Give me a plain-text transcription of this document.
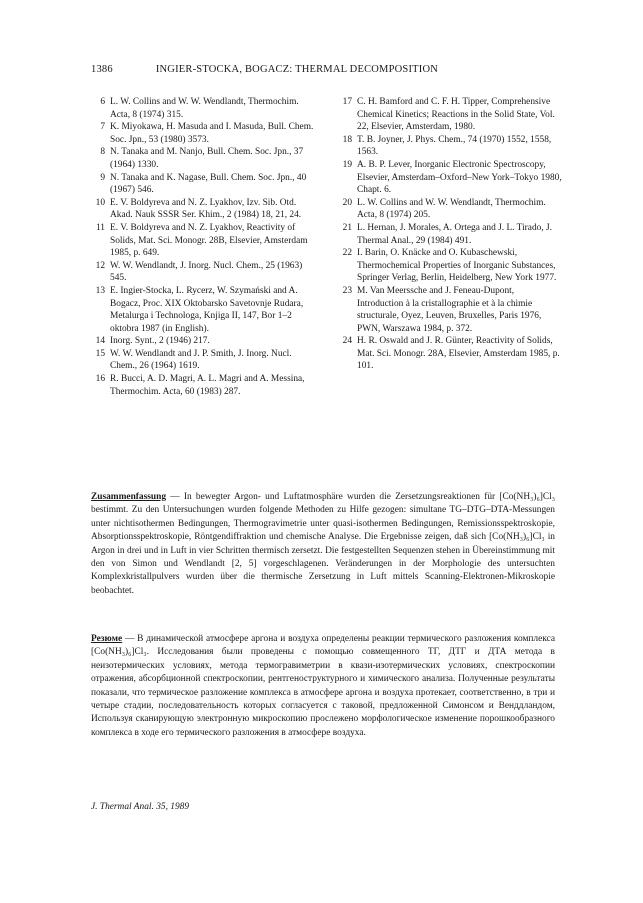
1386	INGIER-STOCKA, BOGACZ: THERMAL DECOMPOSITION
6 L. W. Collins and W. W. Wendlandt, Thermochim. Acta, 8 (1974) 315.
7 K. Miyokawa, H. Masuda and I. Masuda, Bull. Chem. Soc. Jpn., 53 (1980) 3573.
8 N. Tanaka and M. Nanjo, Bull. Chem. Soc. Jpn., 37 (1964) 1330.
9 N. Tanaka and K. Nagase, Bull. Chem. Soc. Jpn., 40 (1967) 546.
10 E. V. Boldyreva and N. Z. Lyakhov, Izv. Sib. Otd. Akad. Nauk SSSR Ser. Khim., 2 (1984) 18, 21, 24.
11 E. V. Boldyreva and N. Z. Lyakhov, Reactivity of Solids, Mat. Sci. Monogr. 28B, Elsevier, Amsterdam 1985, p. 649.
12 W. W. Wendlandt, J. Inorg. Nucl. Chem., 25 (1963) 545.
13 E. Ingier-Stocka, L. Rycerz, W. Szymański and A. Bogacz, Proc. XIX Oktobarsko Savetovnje Rudara, Metalurga i Technologa, Knjiga II, 147, Bor 1–2 oktobra 1987 (in English).
14 Inorg. Synt., 2 (1946) 217.
15 W. W. Wendlandt and J. P. Smith, J. Inorg. Nucl. Chem., 26 (1964) 1619.
16 R. Bucci, A. D. Magri, A. L. Magri and A. Messina, Thermochim. Acta, 60 (1983) 287.
17 C. H. Bamford and C. F. H. Tipper, Comprehensive Chemical Kinetics; Reactions in the Solid State, Vol. 22, Elsevier, Amsterdam, 1980.
18 T. B. Joyner, J. Phys. Chem., 74 (1970) 1552, 1558, 1563.
19 A. B. P. Lever, Inorganic Electronic Spectroscopy, Elsevier, Amsterdam–Oxford–New York–Tokyo 1980, Chapt. 6.
20 L. W. Collins and W. W. Wendlandt, Thermochim. Acta, 8 (1974) 205.
21 L. Hernan, J. Morales, A. Ortega and J. L. Tirado, J. Thermal Anal., 29 (1984) 491.
22 I. Barin, O. Knäcke and O. Kubaschewski, Thermochemical Properties of Inorganic Substances, Springer Verlag, Berlin, Heidelberg, New York 1977.
23 M. Van Meerssche and J. Feneau-Dupont, Introduction à la cristallographie et à la chimie structurale, Oyez, Leuven, Bruxelles, Paris 1976, PWN, Warszawa 1984, p. 372.
24 H. R. Oswald and J. R. Günter, Reactivity of Solids, Mat. Sci. Monogr. 28A, Elsevier, Amsterdam 1985, p. 101.
Zusammenfassung — In bewegter Argon- und Luftatmosphäre wurden die Zersetzungsreaktionen für [Co(NH₃)₆]Cl₃ bestimmt. Zu den Untersuchungen wurden folgende Methoden zu Hilfe gezogen: simultane TG–DTG–DTA-Messungen unter nichtisothermen Bedingungen, Thermogravimetrie unter quasi-isothermen Bedingungen, Remissionsspektroskopie, Absorptionsspektroskopie, Röntgendiffraktion und chemische Analyse. Die Ergebnisse zeigen, daß sich [Co(NH₃)₆]Cl₃ in Argon in drei und in Luft in vier Schritten thermisch zersetzt. Die festgestellten Sequenzen stehen in Übereinstimmung mit den von Simon und Wendlandt [2, 5] vorgeschlagenen. Veränderungen in der Morphologie des untersuchten Komplexkristallpulvers wurden über die thermische Zersetzung in Luft mittels Scanning-Elektronen-Mikroskopie beobachtet.
Резюме — В динамической атмосфере аргона и воздуха определены реакции термического разложения комплекса [Co(NH₃)₆]Cl₃. Исследования были проведены с помощью совмещенного ТГ, ДТГ и ДТА метода в неизотермических условиях, метода термогравиметрии в квази-изотермических условиях, спектроскопии отражения, абсорбционной спектроскопии, рентгеноструктурного и химического анализа. Полученные результаты показали, что термическое разложение комплекса в атмосфере аргона и воздуха протекает, соответственно, в три и четыре стадии, последовательность которых согласуется с таковой, предложенной Симонсом и Венддландом, Используя сканирующую электронную микроскопию прослежено морфологическое изменение порошкообразного комплекса в ходе его термического разложения в атмосфере воздуха.
J. Thermal Anal. 35, 1989
